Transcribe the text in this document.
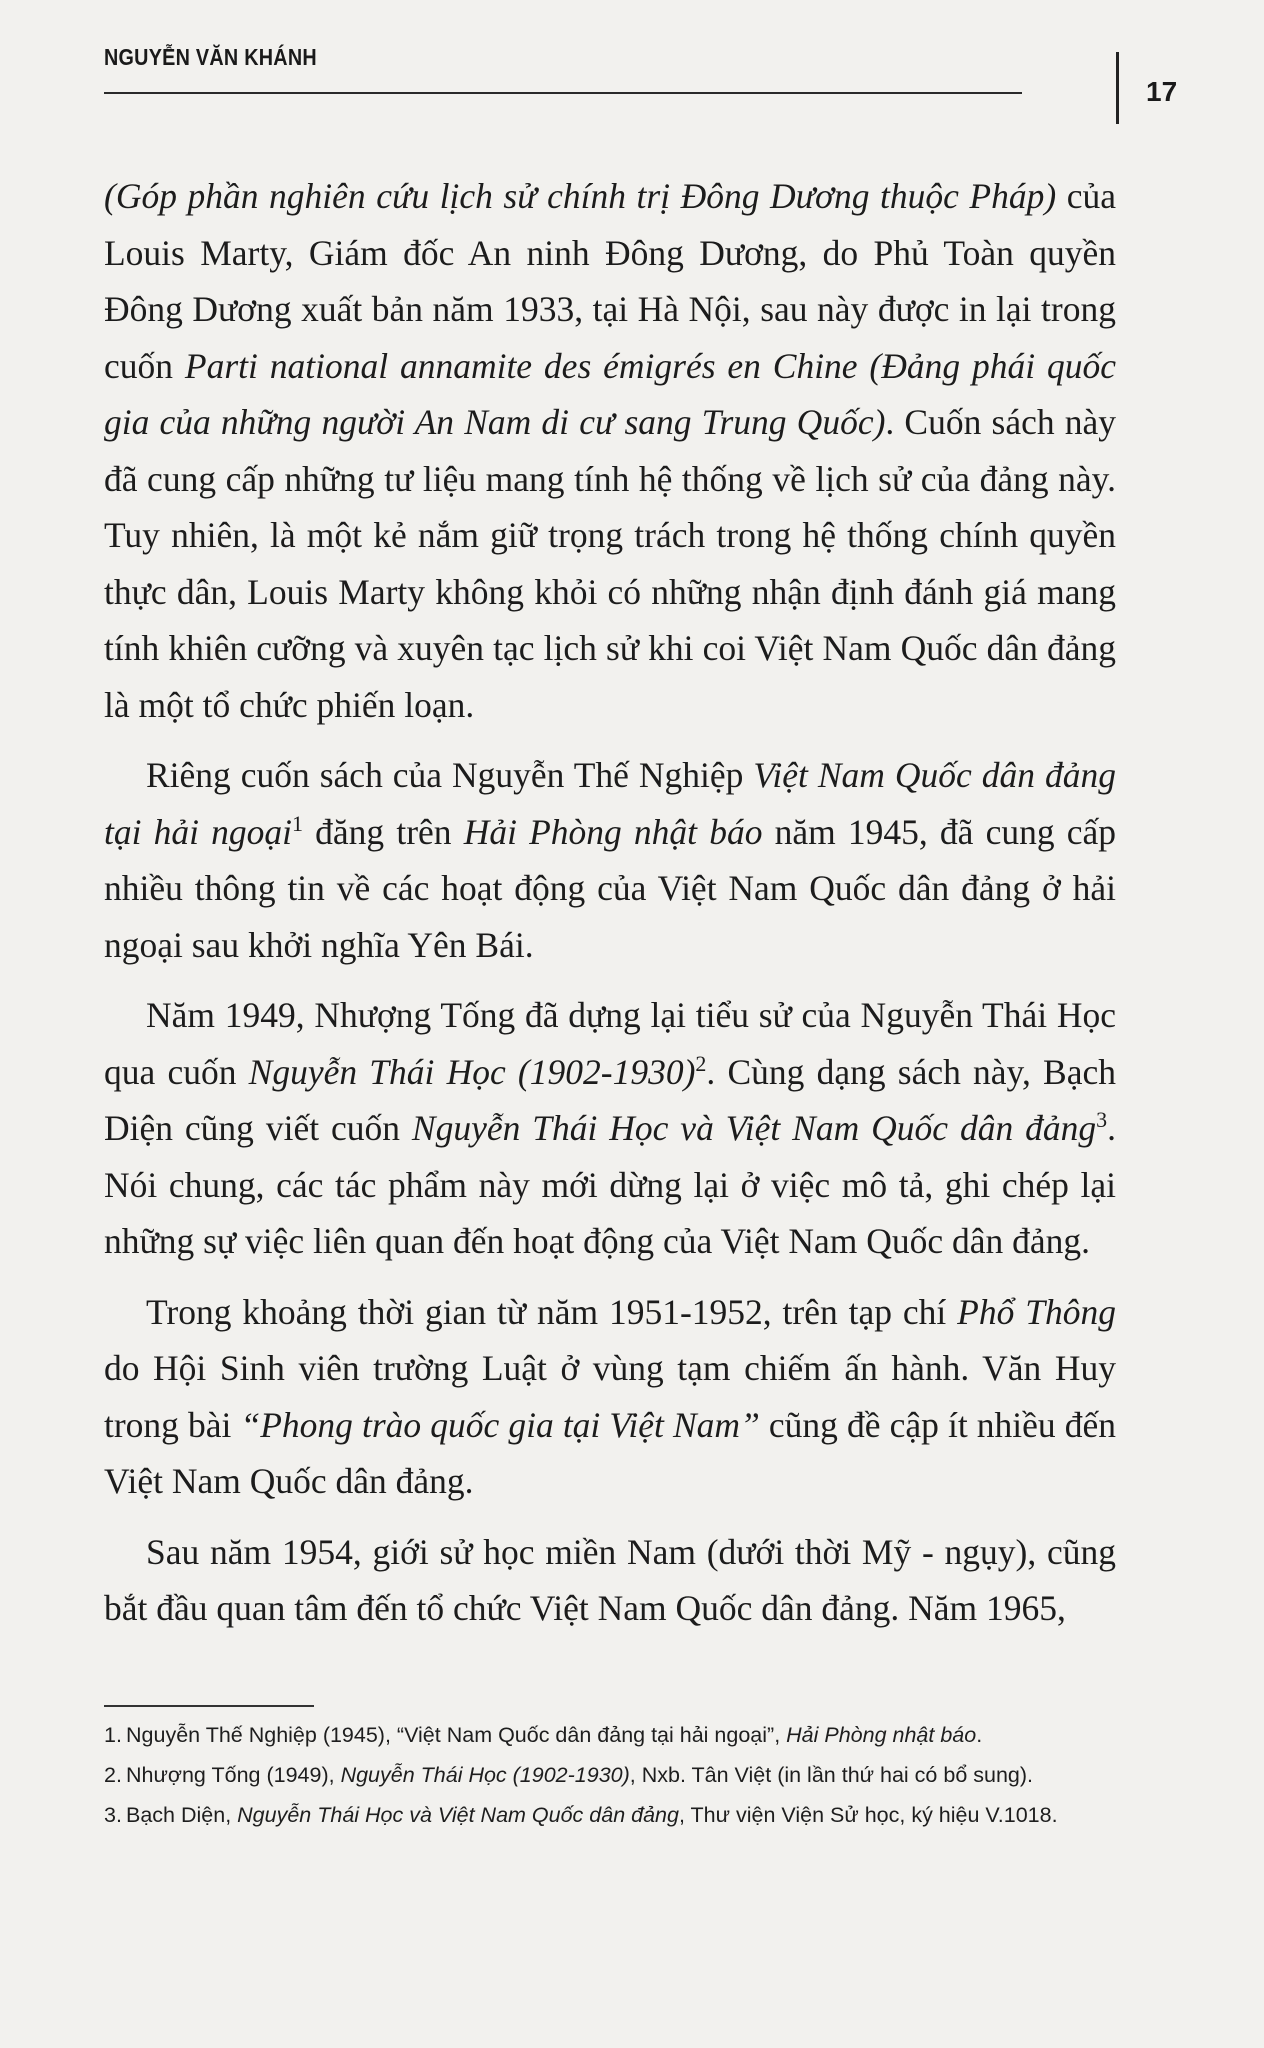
NGUYỄN VĂN KHÁNH
17

(Góp phần nghiên cứu lịch sử chính trị Đông Dương thuộc Pháp) của Louis Marty, Giám đốc An ninh Đông Dương, do Phủ Toàn quyền Đông Dương xuất bản năm 1933, tại Hà Nội, sau này được in lại trong cuốn Parti national annamite des émigrés en Chine (Đảng phái quốc gia của những người An Nam di cư sang Trung Quốc). Cuốn sách này đã cung cấp những tư liệu mang tính hệ thống về lịch sử của đảng này. Tuy nhiên, là một kẻ nắm giữ trọng trách trong hệ thống chính quyền thực dân, Louis Marty không khỏi có những nhận định đánh giá mang tính khiên cưỡng và xuyên tạc lịch sử khi coi Việt Nam Quốc dân đảng là một tổ chức phiến loạn.

Riêng cuốn sách của Nguyễn Thế Nghiệp Việt Nam Quốc dân đảng tại hải ngoại$^1$ đăng trên Hải Phòng nhật báo năm 1945, đã cung cấp nhiều thông tin về các hoạt động của Việt Nam Quốc dân đảng ở hải ngoại sau khởi nghĩa Yên Bái.

Năm 1949, Nhượng Tống đã dựng lại tiểu sử của Nguyễn Thái Học qua cuốn Nguyễn Thái Học (1902-1930)$^2$. Cùng dạng sách này, Bạch Diện cũng viết cuốn Nguyễn Thái Học và Việt Nam Quốc dân đảng$^3$. Nói chung, các tác phẩm này mới dừng lại ở việc mô tả, ghi chép lại những sự việc liên quan đến hoạt động của Việt Nam Quốc dân đảng.

Trong khoảng thời gian từ năm 1951-1952, trên tạp chí Phổ Thông do Hội Sinh viên trường Luật ở vùng tạm chiếm ấn hành. Văn Huy trong bài “Phong trào quốc gia tại Việt Nam” cũng đề cập ít nhiều đến Việt Nam Quốc dân đảng.

Sau năm 1954, giới sử học miền Nam (dưới thời Mỹ - ngụy), cũng bắt đầu quan tâm đến tổ chức Việt Nam Quốc dân đảng. Năm 1965,

1. Nguyễn Thế Nghiệp (1945), “Việt Nam Quốc dân đảng tại hải ngoại”, Hải Phòng nhật báo.
2. Nhượng Tống (1949), Nguyễn Thái Học (1902-1930), Nxb. Tân Việt (in lần thứ hai có bổ sung).
3. Bạch Diện, Nguyễn Thái Học và Việt Nam Quốc dân đảng, Thư viện Viện Sử học, ký hiệu V.1018.
